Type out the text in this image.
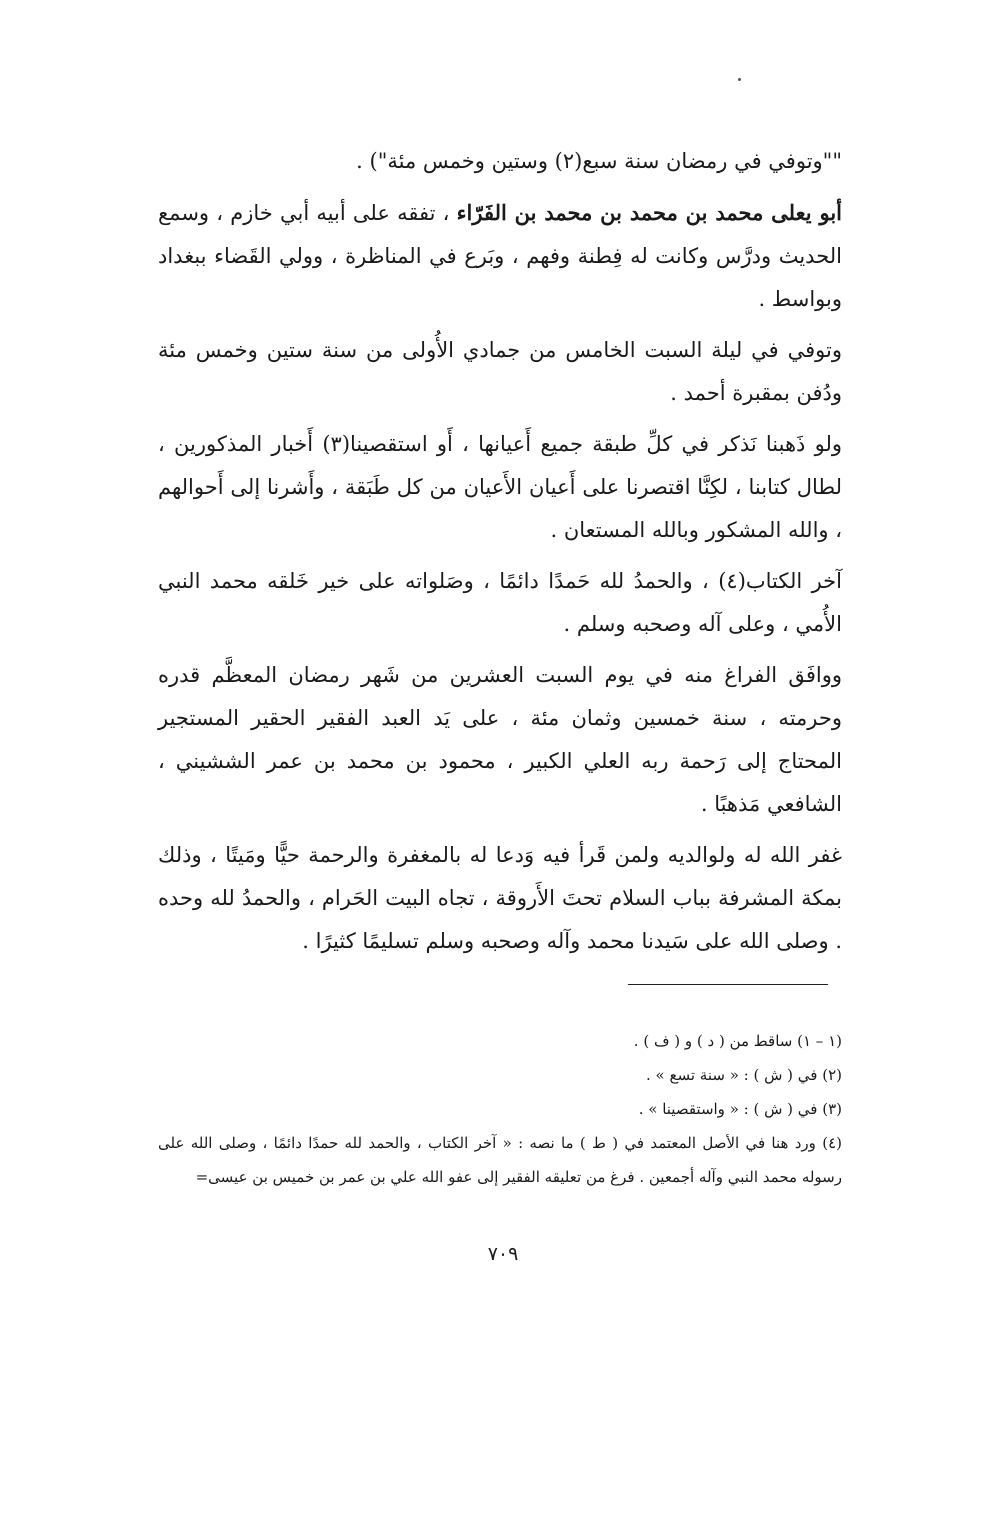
""وتوفي في رمضان سنة سبع(٢) وستين وخمس مئة") .

أبو يعلى محمد بن محمد بن محمد بن الفَرّاء ، تفقه على أبيه أبي خازم ، وسمع الحديث ودرَّس وكانت له فِطنة وفهم ، وبَرع في المناظرة ، وولي القَضاء ببغداد وبواسط .

وتوفي في ليلة السبت الخامس من جمادي الأُولى من سنة ستين وخمس مئة ودُفن بمقبرة أحمد .

ولو ذَهبنا نَذكر في كلِّ طبقة جميع أَعيانها ، أَو استقصينا(٣) أَخبار المذكورين ، لطال كتابنا ، لكِنَّا اقتصرنا على أَعيان الأَعيان من كل طَبَقة ، وأَشرنا إلى أَحوالهم ، والله المشكور وبالله المستعان .

آخر الكتاب(٤) ، والحمدُ لله حَمدًا دائمًا ، وصَلواته على خير خَلقه محمد النبي الأُمي ، وعلى آله وصحبه وسلم .

ووافَق الفراغ منه في يوم السبت العشرين من شَهر رمضان المعظَّم قدره وحرمته ، سنة خمسين وثمان مئة ، على يَد العبد الفقير الحقير المستجير المحتاج إلى رَحمة ربه العلي الكبير ، محمود بن محمد بن عمر الششيني ، الشافعي مَذهبًا .

غفر الله له ولوالديه ولمن قَرأ فيه وَدعا له بالمغفرة والرحمة حيًّا ومَيتًا ، وذلك بمكة المشرفة بباب السلام تحتَ الأَروقة ، تجاه البيت الحَرام ، والحمدُ لله وحده . وصلى الله على سَيدنا محمد وآله وصحبه وسلم تسليمًا كثيرًا .

(١ – ١) ساقط من ( د ) و ( ف ) .

(٢) في ( ش ) : « سنة تسع » .

(٣) في ( ش ) : « واستقصينا » .

(٤) ورد هنا في الأصل المعتمد في ( ط ) ما نصه : « آخر الكتاب ، والحمد لله حمدًا دائمًا ، وصلى الله على رسوله محمد النبي وآله أجمعين . فرغ من تعليقه الفقير إلى عفو الله علي بن عمر بن خميس بن عيسى=

٧٠٩
